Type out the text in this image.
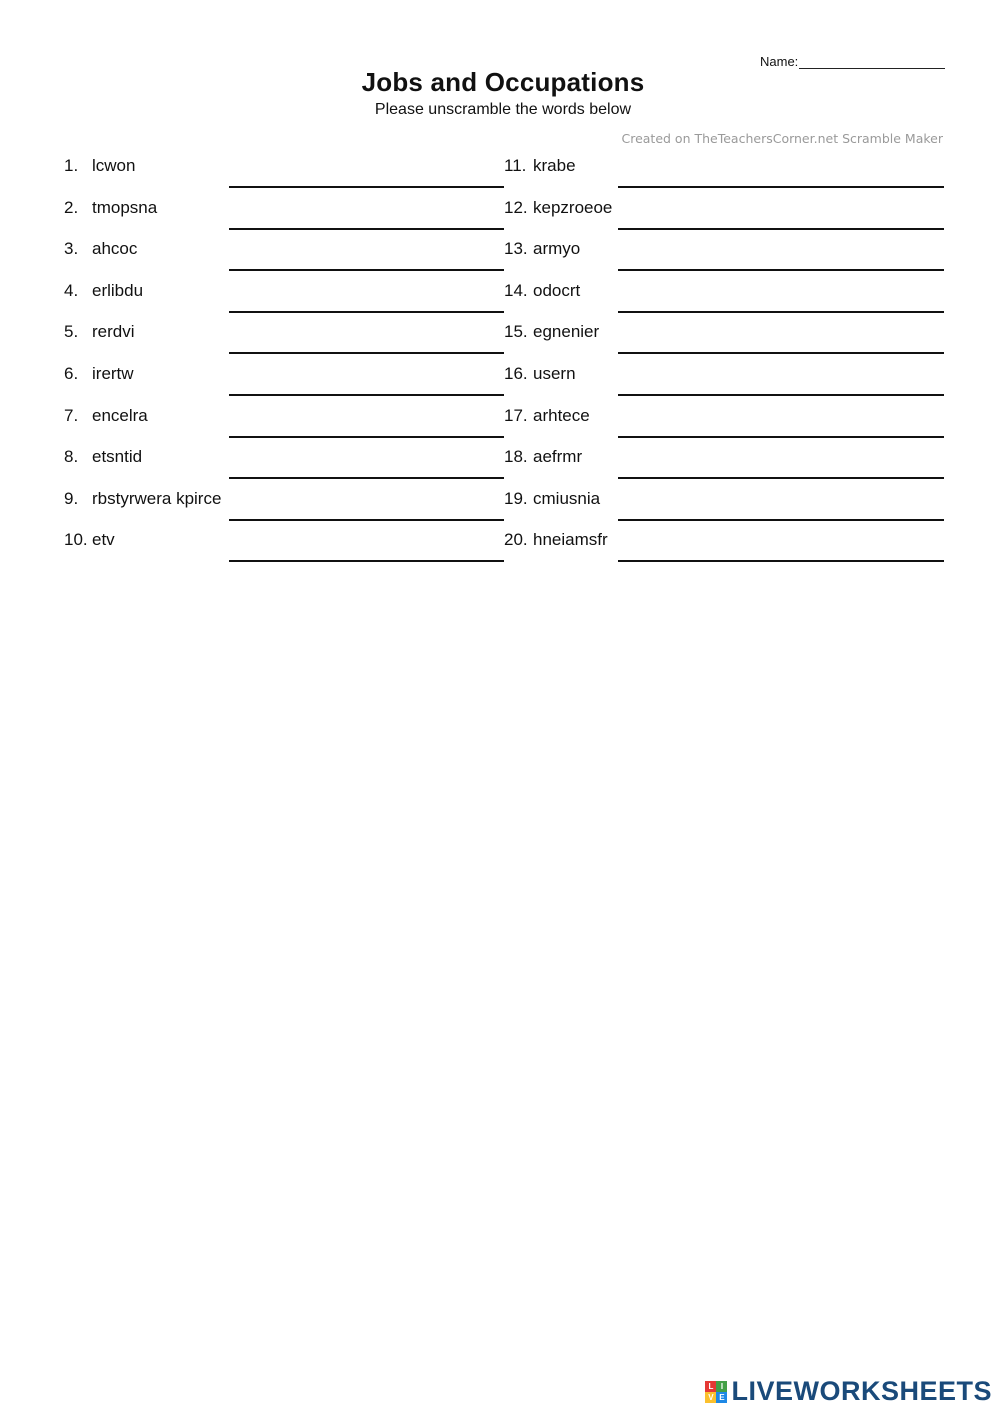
Name:
Jobs and Occupations
Please unscramble the words below
Created on TheTeachersCorner.net Scramble Maker
1. lcwon
2. tmopsna
3. ahcoc
4. erlibdu
5. rerdvi
6. irertw
7. encelra
8. etsntid
9. rbstyrwera kpirce
10. etv
11. krabe
12. kepzroeoe
13. armyo
14. odocrt
15. egnenier
16. usern
17. arhtece
18. aefrmr
19. cmiusnia
20. hneiamsfr
L I
V E LIVEWORKSHEETS
